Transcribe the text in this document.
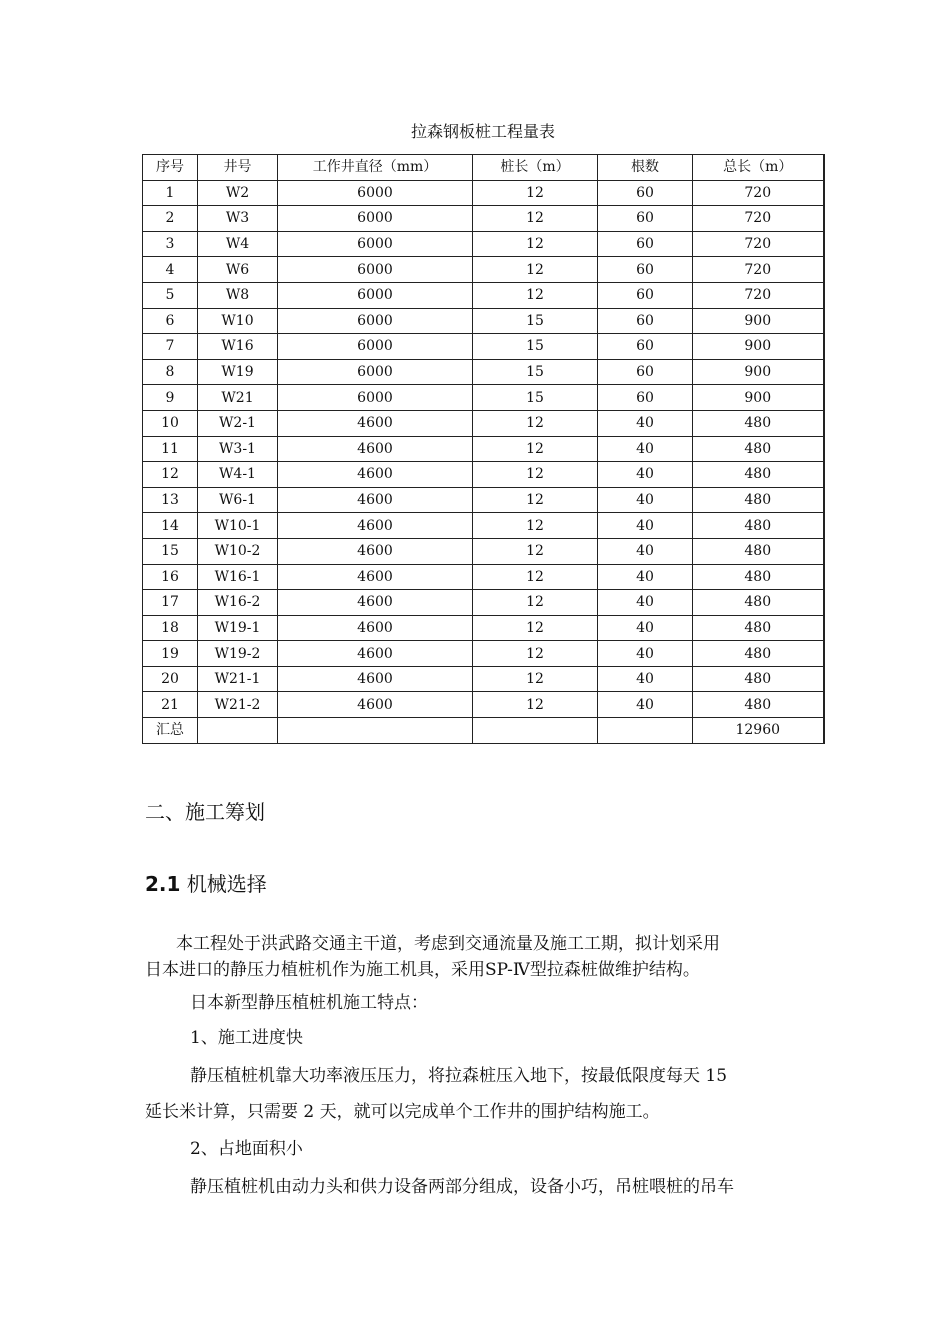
拉森钢板桩工程量表
序号	井号	工作井直径（mm）	桩长（m）	根数	总长（m）
1	W2	6000	12	60	720
2	W3	6000	12	60	720
3	W4	6000	12	60	720
4	W6	6000	12	60	720
5	W8	6000	12	60	720
6	W10	6000	15	60	900
7	W16	6000	15	60	900
8	W19	6000	15	60	900
9	W21	6000	15	60	900
10	W2-1	4600	12	40	480
11	W3-1	4600	12	40	480
12	W4-1	4600	12	40	480
13	W6-1	4600	12	40	480
14	W10-1	4600	12	40	480
15	W10-2	4600	12	40	480
16	W16-1	4600	12	40	480
17	W16-2	4600	12	40	480
18	W19-1	4600	12	40	480
19	W19-2	4600	12	40	480
20	W21-1	4600	12	40	480
21	W21-2	4600	12	40	480
汇总					12960
二、施工筹划
2.1 机械选择
本工程处于洪武路交通主干道，考虑到交通流量及施工工期，拟计划采用
日本进口的静压力植桩机作为施工机具，采用SP-Ⅳ型拉森桩做维护结构。
日本新型静压植桩机施工特点：
1、施工进度快
静压植桩机靠大功率液压压力，将拉森桩压入地下，按最低限度每天 15
延长米计算，只需要 2 天，就可以完成单个工作井的围护结构施工。
2、占地面积小
静压植桩机由动力头和供力设备两部分组成，设备小巧，吊桩喂桩的吊车
